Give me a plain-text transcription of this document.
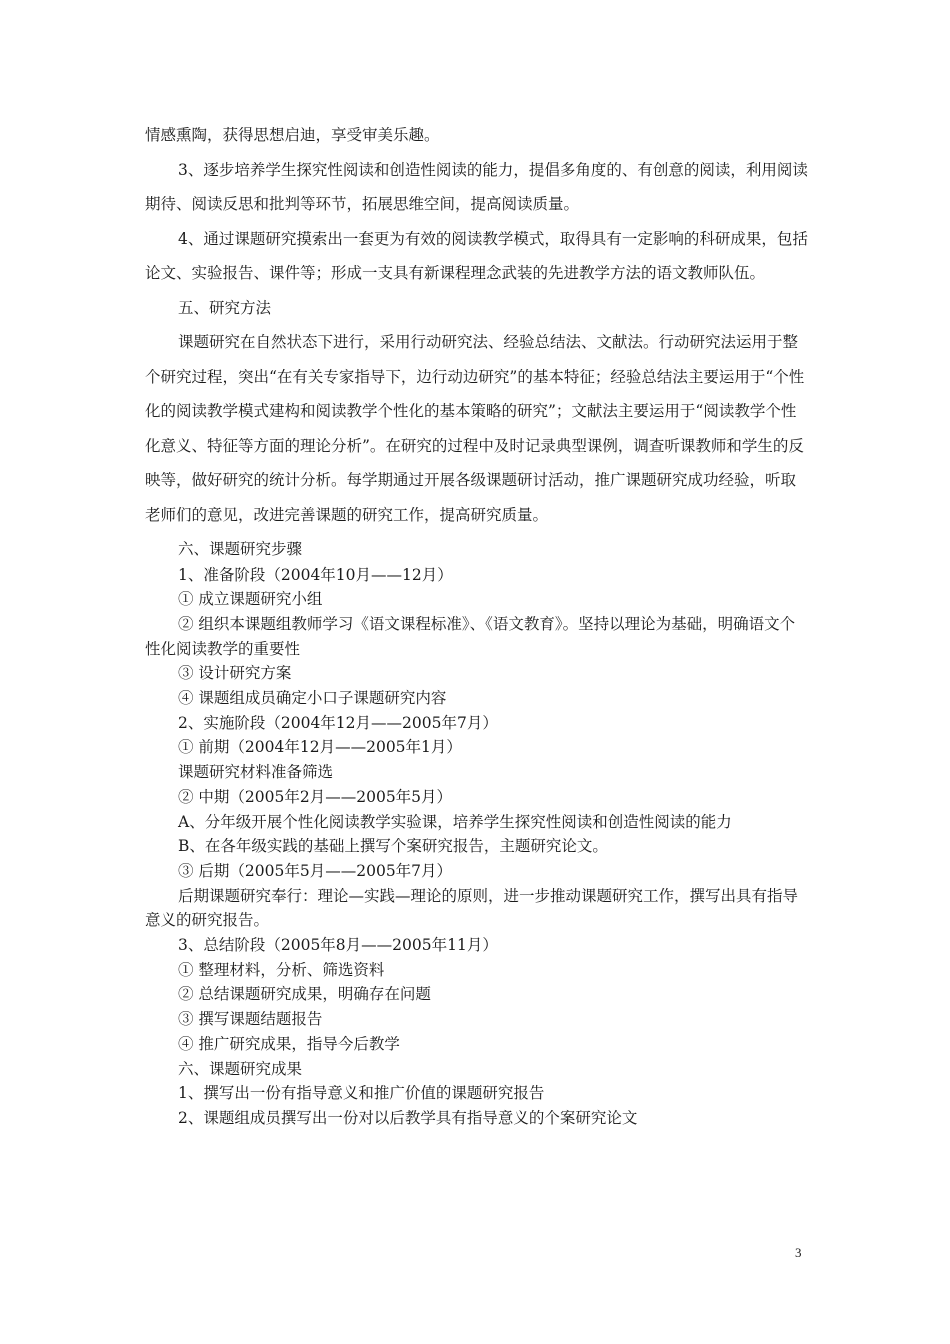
情感熏陶，获得思想启迪，享受审美乐趣。

3、逐步培养学生探究性阅读和创造性阅读的能力，提倡多角度的、有创意的阅读，利用阅读期待、阅读反思和批判等环节，拓展思维空间，提高阅读质量。

4、通过课题研究摸索出一套更为有效的阅读教学模式，取得具有一定影响的科研成果，包括论文、实验报告、课件等；形成一支具有新课程理念武装的先进教学方法的语文教师队伍。

五、研究方法

课题研究在自然状态下进行，采用行动研究法、经验总结法、文献法。行动研究法运用于整个研究过程，突出“在有关专家指导下，边行动边研究”的基本特征；经验总结法主要运用于“个性化的阅读教学模式建构和阅读教学个性化的基本策略的研究”；文献法主要运用于“阅读教学个性化意义、特征等方面的理论分析”。在研究的过程中及时记录典型课例，调查听课教师和学生的反映等，做好研究的统计分析。每学期通过开展各级课题研讨活动，推广课题研究成功经验，听取老师们的意见，改进完善课题的研究工作，提高研究质量。

六、课题研究步骤

1、准备阶段（2004年10月——12月）

① 成立课题研究小组

② 组织本课题组教师学习《语文课程标准》、《语文教育》。坚持以理论为基础，明确语文个性化阅读教学的重要性

③ 设计研究方案

④ 课题组成员确定小口子课题研究内容

2、实施阶段（2004年12月——2005年7月）

① 前期（2004年12月——2005年1月）

课题研究材料准备筛选

② 中期（2005年2月——2005年5月）

A、分年级开展个性化阅读教学实验课，培养学生探究性阅读和创造性阅读的能力

B、在各年级实践的基础上撰写个案研究报告，主题研究论文。

③ 后期（2005年5月——2005年7月）

后期课题研究奉行：理论—实践—理论的原则，进一步推动课题研究工作，撰写出具有指导意义的研究报告。

3、总结阶段（2005年8月——2005年11月）

① 整理材料，分析、筛选资料

② 总结课题研究成果，明确存在问题

③ 撰写课题结题报告

④ 推广研究成果，指导今后教学

六、课题研究成果

1、撰写出一份有指导意义和推广价值的课题研究报告

2、课题组成员撰写出一份对以后教学具有指导意义的个案研究论文

3
